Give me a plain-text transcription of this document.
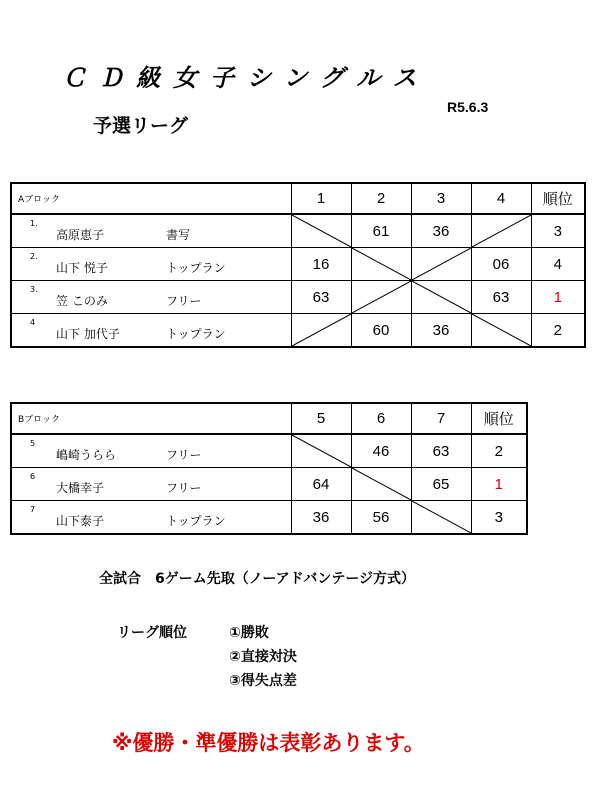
ＣＤ級女子シングルス
予選リーグ
R5.6.3
Aブロック	1	2	3	4	順位

1.
高原恵子 書写		61	36		3

2.
山下 悦子 トップラン	16			06	4

3.
笠 このみ フリー	63			63	1

4
山下 加代子 トップラン		60	36		2
Bブロック	5	6	7	順位

5
嶋崎うらら フリー		46	63	2

6
大橋幸子 フリー	64		65	1

7
山下泰子 トップラン	36	56		3
全試合　6ゲーム先取（ノーアドバンテージ方式）
リーグ順位	①勝敗
②直接対決
③得失点差
※優勝・準優勝は表彰あります。
